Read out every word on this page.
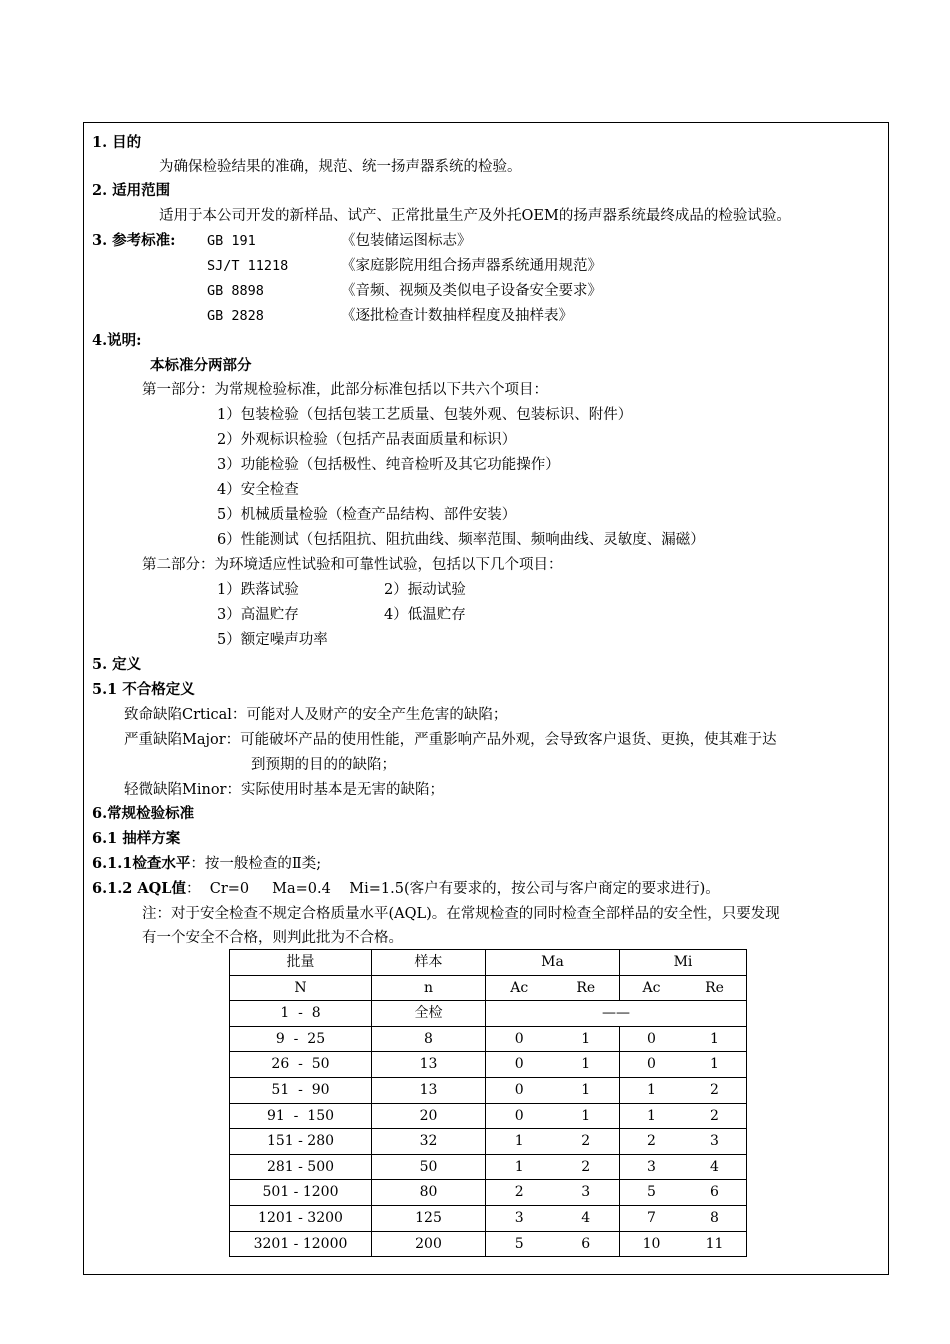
1. 目的
为确保检验结果的准确，规范、统一扬声器系统的检验。
2. 适用范围
适用于本公司开发的新样品、试产、正常批量生产及外托OEM的扬声器系统最终成品的检验试验。
3. 参考标准: GB 191	《包装储运图标志》
SJ/T 11218	《家庭影院用组合扬声器系统通用规范》
GB 8898	《音频、视频及类似电子设备安全要求》
GB 2828	《逐批检查计数抽样程度及抽样表》
4.说明:
本标准分两部分
第一部分：为常规检验标准，此部分标准包括以下共六个项目：
1）包装检验（包括包装工艺质量、包装外观、包装标识、附件）
2）外观标识检验（包括产品表面质量和标识）
3）功能检验（包括极性、纯音检听及其它功能操作）
4）安全检查
5）机械质量检验（检查产品结构、部件安装）
6）性能测试（包括阻抗、阻抗曲线、频率范围、频响曲线、灵敏度、漏磁）
第二部分：为环境适应性试验和可靠性试验，包括以下几个项目：
1）跌落试验	2）振动试验
3）高温贮存	4）低温贮存
5）额定噪声功率
5. 定义
5.1 不合格定义
致命缺陷Crtical：可能对人及财产的安全产生危害的缺陷；
严重缺陷Major：可能破坏产品的使用性能，严重影响产品外观，会导致客户退货、更换，使其难于达
到预期的目的的缺陷；
轻微缺陷Minor：实际使用时基本是无害的缺陷；
6.常规检验标准
6.1 抽样方案
6.1.1检查水平：按一般检查的Ⅱ类;
6.1.2 AQL值：  Cr=0     Ma=0.4    Mi=1.5(客户有要求的，按公司与客户商定的要求进行)。
注：对于安全检查不规定合格质量水平(AQL)。在常规检查的同时检查全部样品的安全性，只要发现
有一个安全不合格，则判此批为不合格。
批量	样本	Ma	Mi
N	n	Ac Re	Ac Re

1  -  8	全检	——	
9  -  25	8	0 1	0 1

26  -  50	13	0 1	0 1

51  -  90	13	0 1	1 2

91  -  150	20	0 1	1 2

151 - 280	32	1 2	2 3

281 - 500	50	1 2	3 4

501 - 1200	80	2 3	5 6

1201 - 3200	125	3 4	7 8

3201 - 12000	200	5 6	10 11
